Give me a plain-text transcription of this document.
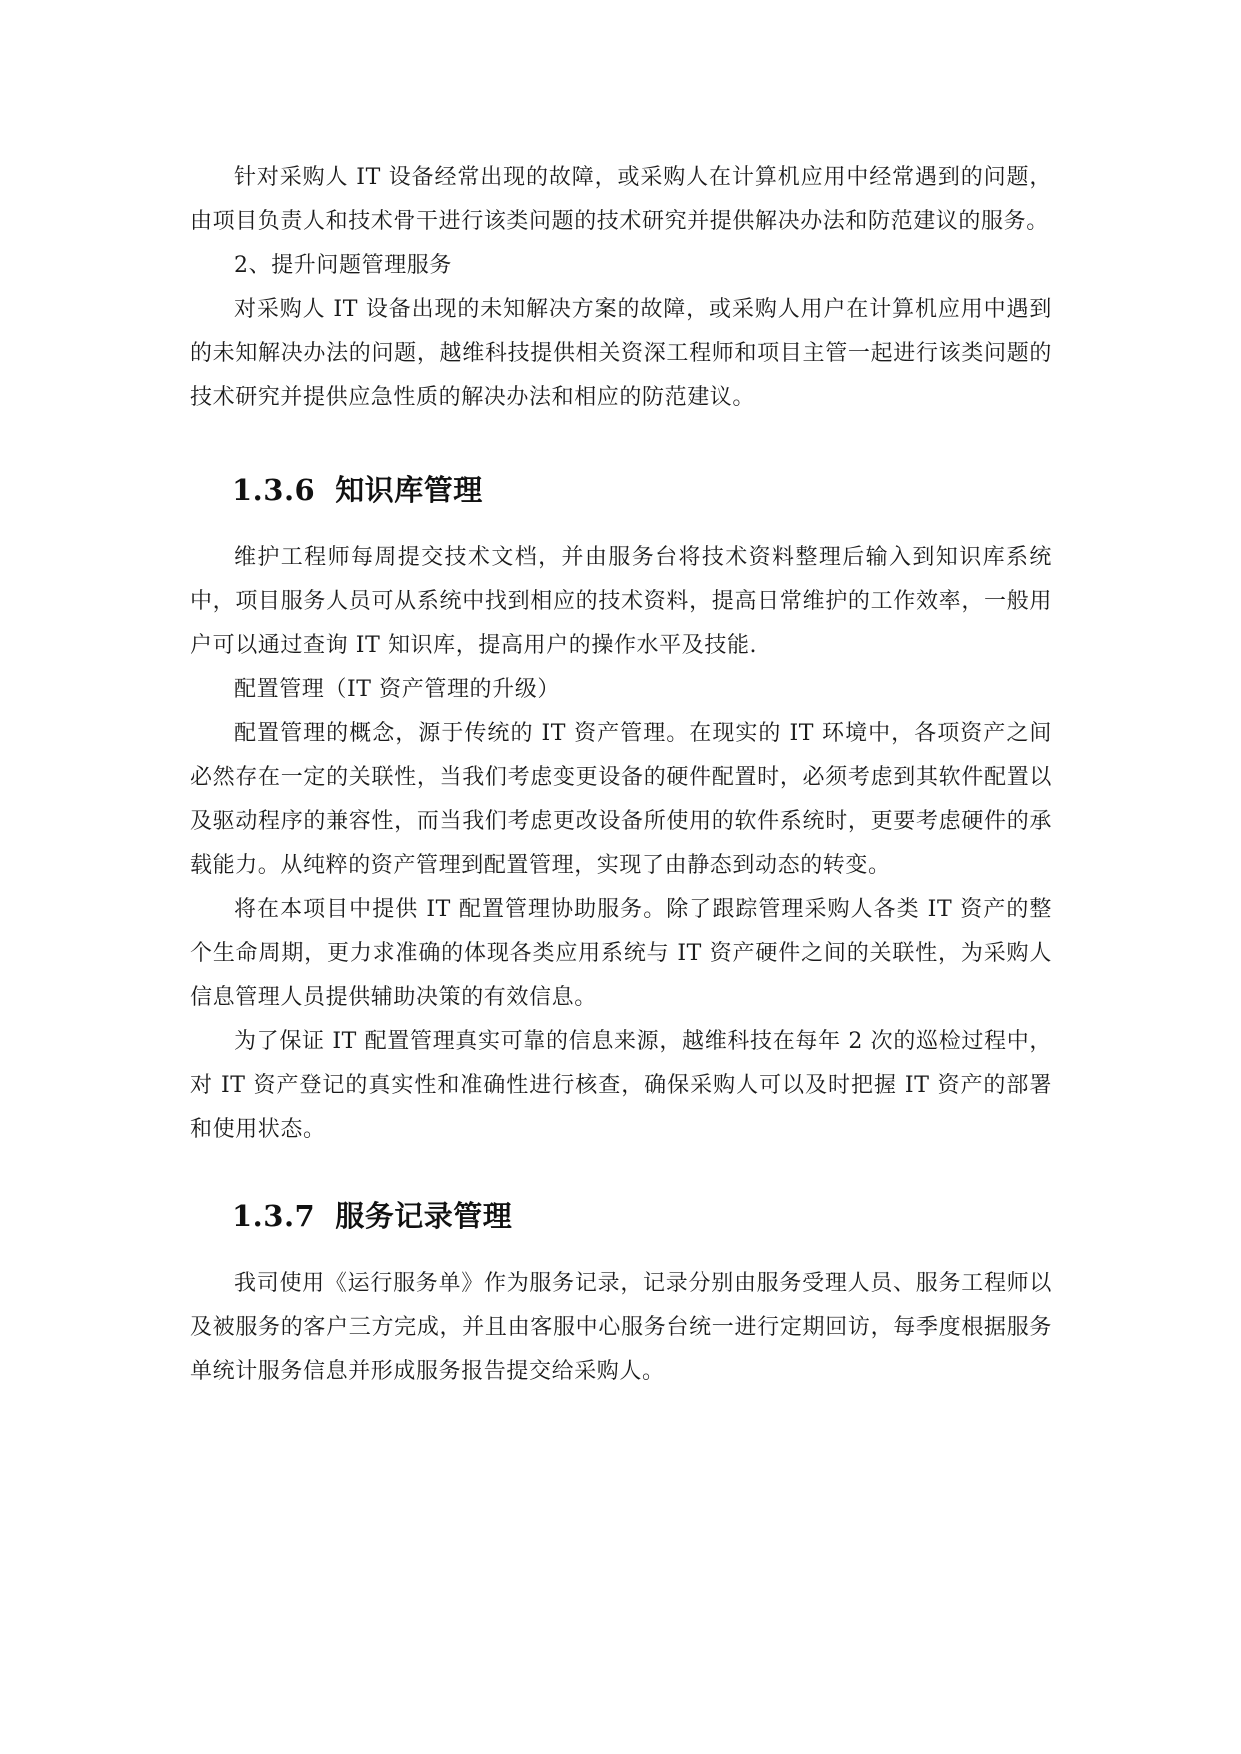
针对采购人 IT 设备经常出现的故障，或采购人在计算机应用中经常遇到的问题，由项目负责人和技术骨干进行该类问题的技术研究并提供解决办法和防范建议的服务。

2、提升问题管理服务

对采购人 IT 设备出现的未知解决方案的故障，或采购人用户在计算机应用中遇到的未知解决办法的问题，越维科技提供相关资深工程师和项目主管一起进行该类问题的技术研究并提供应急性质的解决办法和相应的防范建议。

1.3.6 知识库管理

维护工程师每周提交技术文档，并由服务台将技术资料整理后输入到知识库系统中，项目服务人员可从系统中找到相应的技术资料，提高日常维护的工作效率，一般用户可以通过查询 IT 知识库，提高用户的操作水平及技能.

配置管理（IT 资产管理的升级）

配置管理的概念，源于传统的 IT 资产管理。在现实的 IT 环境中，各项资产之间必然存在一定的关联性，当我们考虑变更设备的硬件配置时，必须考虑到其软件配置以及驱动程序的兼容性，而当我们考虑更改设备所使用的软件系统时，更要考虑硬件的承载能力。从纯粹的资产管理到配置管理，实现了由静态到动态的转变。

将在本项目中提供 IT 配置管理协助服务。除了跟踪管理采购人各类 IT 资产的整个生命周期，更力求准确的体现各类应用系统与 IT 资产硬件之间的关联性，为采购人信息管理人员提供辅助决策的有效信息。

为了保证 IT 配置管理真实可靠的信息来源，越维科技在每年 2 次的巡检过程中，对 IT 资产登记的真实性和准确性进行核查，确保采购人可以及时把握 IT 资产的部署和使用状态。

1.3.7 服务记录管理

我司使用《运行服务单》作为服务记录，记录分别由服务受理人员、服务工程师以及被服务的客户三方完成，并且由客服中心服务台统一进行定期回访，每季度根据服务单统计服务信息并形成服务报告提交给采购人。
